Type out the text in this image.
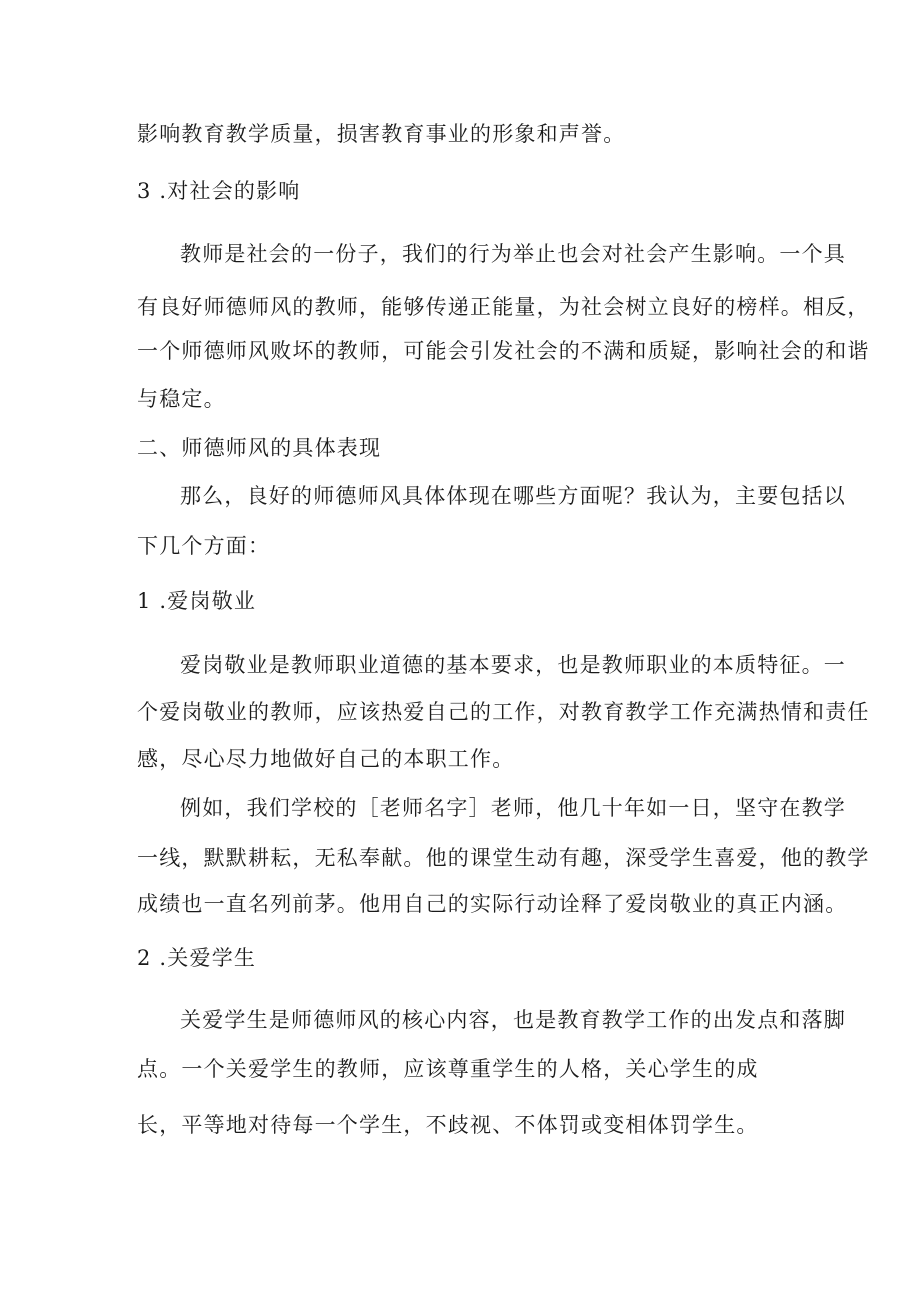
影响教育教学质量，损害教育事业的形象和声誉。
3 .对社会的影响
教师是社会的一份子，我们的行为举止也会对社会产生影响。一个具
有良好师德师风的教师，能够传递正能量，为社会树立良好的榜样。相反，
一个师德师风败坏的教师，可能会引发社会的不满和质疑，影响社会的和谐
与稳定。
二、师德师风的具体表现
那么，良好的师德师风具体体现在哪些方面呢？我认为，主要包括以
下几个方面：
1 .爱岗敬业
爱岗敬业是教师职业道德的基本要求，也是教师职业的本质特征。一
个爱岗敬业的教师，应该热爱自己的工作，对教育教学工作充满热情和责任
感，尽心尽力地做好自己的本职工作。
例如，我们学校的［老师名字］老师，他几十年如一日，坚守在教学
一线，默默耕耘，无私奉献。他的课堂生动有趣，深受学生喜爱，他的教学
成绩也一直名列前茅。他用自己的实际行动诠释了爱岗敬业的真正内涵。
2 .关爱学生
关爱学生是师德师风的核心内容，也是教育教学工作的出发点和落脚
点。一个关爱学生的教师，应该尊重学生的人格，关心学生的成
长，平等地对待每一个学生，不歧视、不体罚或变相体罚学生。
